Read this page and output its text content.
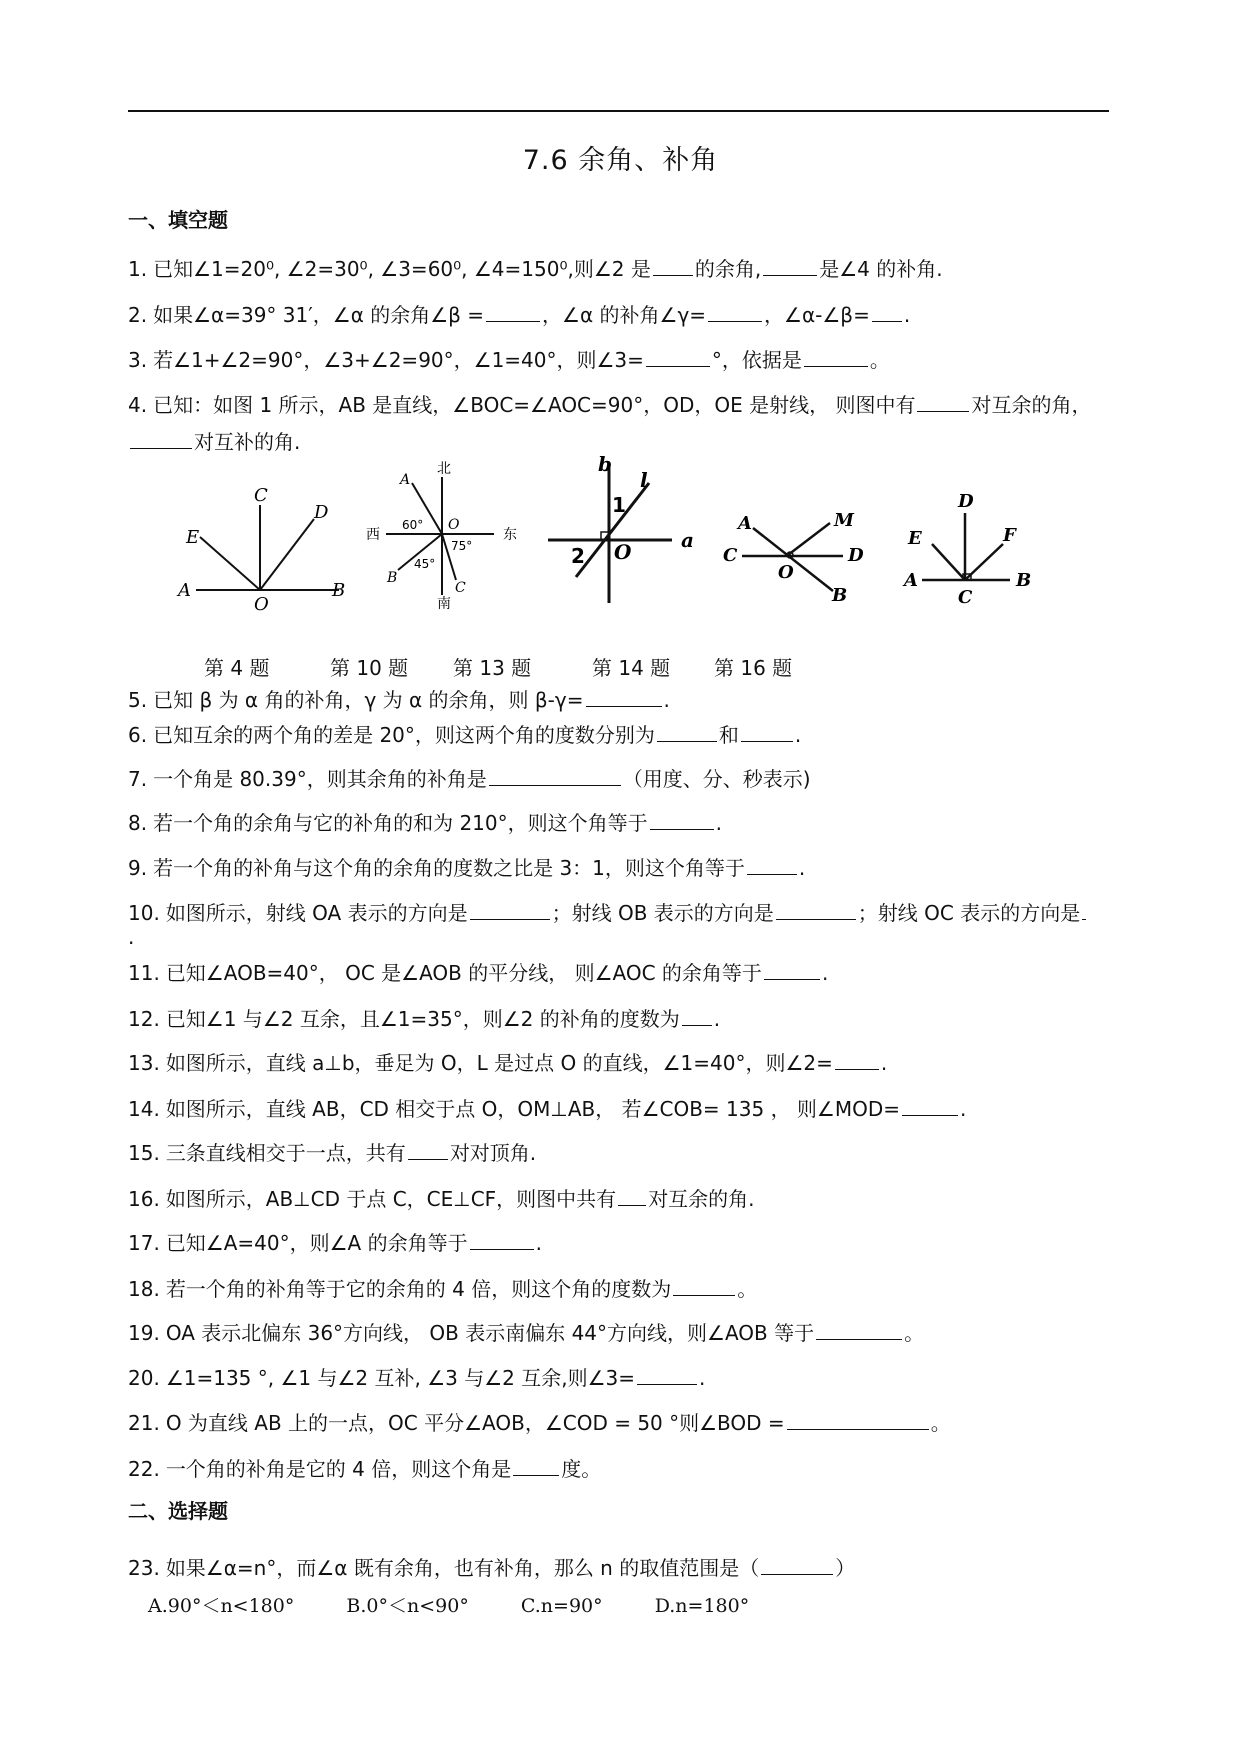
7.6 余角、补角
一、填空题
1. 已知∠1=20⁰, ∠2=30⁰, ∠3=60⁰, ∠4=150⁰,则∠2 是 的余角,	是∠4 的补角.
2. 如果∠α=39° 31′，∠α 的余角∠β =	，∠α 的补角∠γ=	，∠α-∠β= .
3. 若∠1+∠2=90°，∠3+∠2=90°，∠1=40°，则∠3=	°，依据是	。
4. 已知：如图 1 所示，AB 是直线，∠BOC=∠AOC=90°，OD，OE 是射线， 则图中有	对互余的角，
5. 已知 β 为 α 角的补角，γ 为 α 的余角，则 β-γ=	.
6. 已知互余的两个角的差是 20°，则这两个角的度数分别为	和	.
7. 一个角是 80.39°，则其余角的补角是	（用度、分、秒表示)
8. 若一个角的余角与它的补角的和为 210°，则这个角等于	.
9. 若一个角的补角与这个角的余角的度数之比是 3：1，则这个角等于	.
10. 如图所示，射线 OA 表示的方向是	；射线 OB 表示的方向是	；射线 OC 表示的方向是
11. 已知∠AOB=40°， OC 是∠AOB 的平分线， 则∠AOC 的余角等于	.
12. 已知∠1 与∠2 互余，且∠1=35°，则∠2 的补角的度数为 .
13. 如图所示，直线 a⊥b，垂足为 O，L 是过点 O 的直线，∠1=40°，则∠2= .
14. 如图所示，直线 AB，CD 相交于点 O，OM⊥AB， 若∠COB= 135 ， 则∠MOD=	.
15. 三条直线相交于一点，共有 对对顶角.
16. 如图所示，AB⊥CD 于点 C，CE⊥CF，则图中共有 对互余的角.
17. 已知∠A=40°，则∠A 的余角等于	.
18. 若一个角的补角等于它的余角的 4 倍，则这个角的度数为	。
19. OA 表示北偏东 36°方向线， OB 表示南偏东 44°方向线，则∠AOB 等于	。
20. ∠1=135 °, ∠1 与∠2 互补, ∠3 与∠2 互余,则∠3=	.
21. O 为直线 AB 上的一点，OC 平分∠AOB，∠COD = 50 °则∠BOD =	。
22. 一个角的补角是它的 4 倍，则这个角是	度。
23. 如果∠α=n°，而∠α 既有余角，也有补角，那么 n 的取值范围是（	）
对互补的角.
.
二、选择题
A.90°＜n<180°	B.0°＜n<90°	C.n=90°	D.n=180°
C
D
E
A
O
B
北
A
西
60° O
东
75°
45°
B
C
南
b
l
1
2 O a
A	M
C	D
O
B
D
E	F
A
C
B
第 4 题	第 10 题 第 13 题	第 14 题 第 16 题
